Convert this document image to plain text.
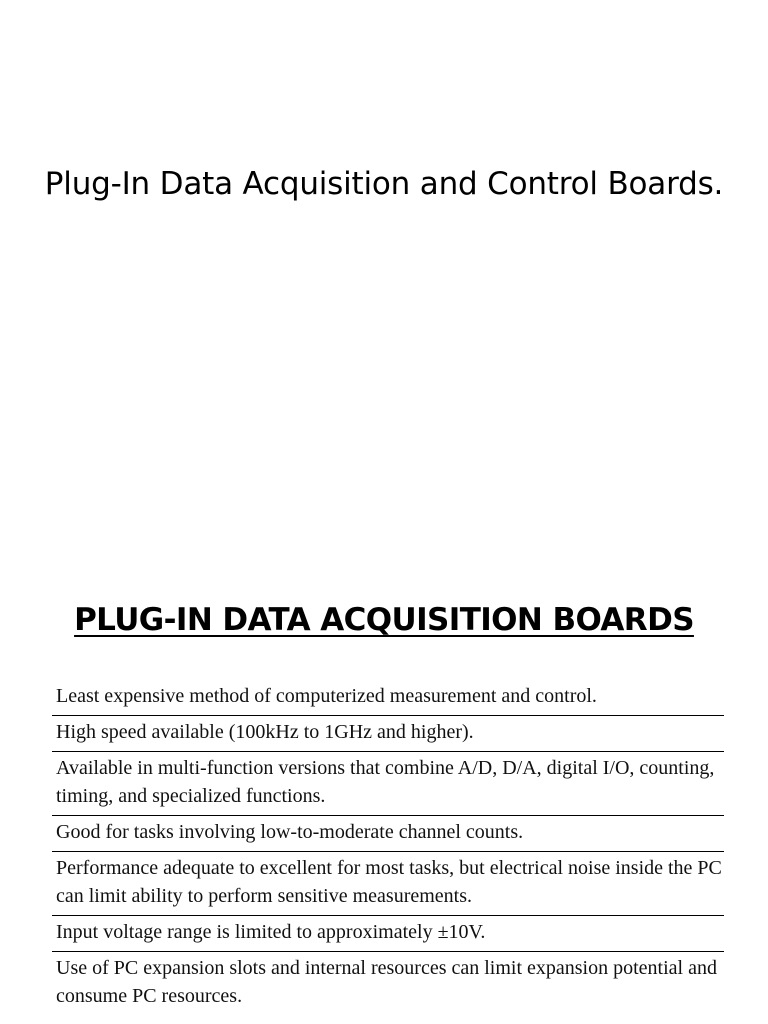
Plug-In Data Acquisition and Control Boards.
PLUG-IN DATA ACQUISITION BOARDS
Least expensive method of computerized measurement and control.
High speed available (100kHz to 1GHz and higher).
Available in multi-function versions that combine A/D, D/A, digital I/O, counting, timing, and specialized functions.
Good for tasks involving low-to-moderate channel counts.
Performance adequate to excellent for most tasks, but electrical noise inside the PC can limit ability to perform sensitive measurements.
Input voltage range is limited to approximately ±10V.
Use of PC expansion slots and internal resources can limit expansion potential and consume PC resources.
